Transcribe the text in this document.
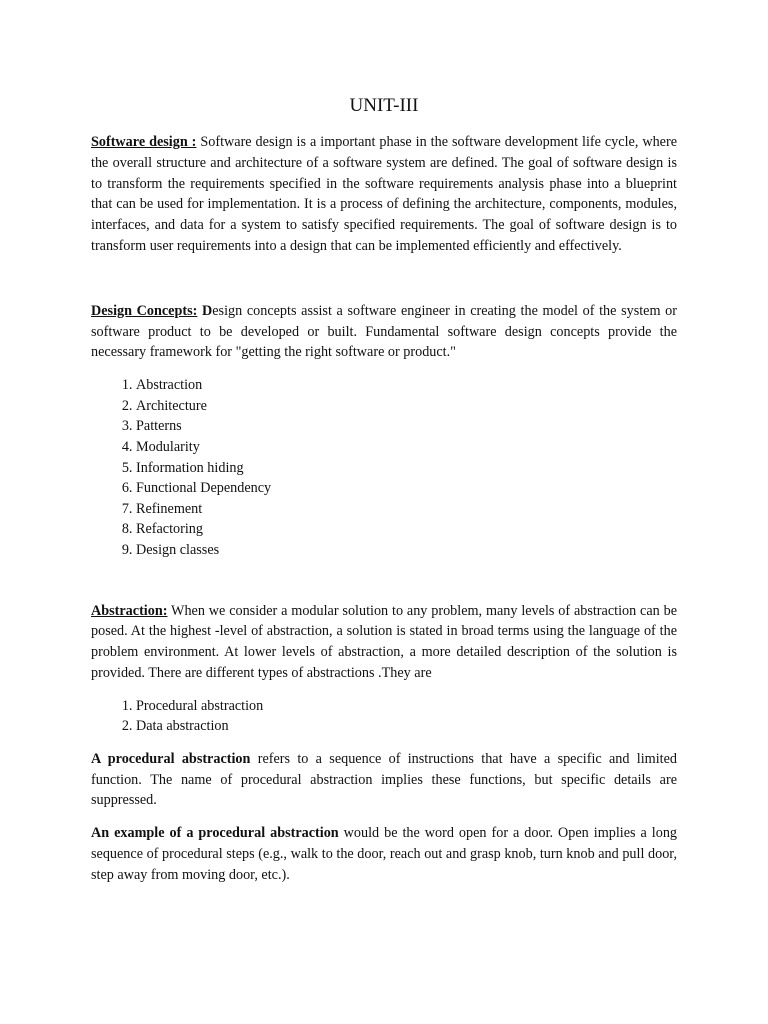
UNIT-III

Software design : Software design is a important phase in the software development life cycle, where the overall structure and architecture of a software system are defined. The goal of software design is to transform the requirements specified in the software requirements analysis phase into a blueprint that can be used for implementation. It is a process of defining the architecture, components, modules, interfaces, and data for a system to satisfy specified requirements. The goal of software design is to transform user requirements into a design that can be implemented efficiently and effectively.

Design Concepts: Design concepts assist a software engineer in creating the model of the system or software product to be developed or built. Fundamental software design concepts provide the necessary framework for "getting the right software or product."

1. Abstraction
2. Architecture
3. Patterns
4. Modularity
5. Information hiding
6. Functional Dependency
7. Refinement
8. Refactoring
9. Design classes

Abstraction: When we consider a modular solution to any problem, many levels of abstraction can be posed. At the highest -level of abstraction, a solution is stated in broad terms using the language of the problem environment. At lower levels of abstraction, a more detailed description of the solution is provided. There are different types of abstractions .They are

1. Procedural abstraction
2. Data abstraction

A procedural abstraction refers to a sequence of instructions that have a specific and limited function. The name of procedural abstraction implies these functions, but specific details are suppressed.

An example of a procedural abstraction would be the word open for a door. Open implies a long sequence of procedural steps (e.g., walk to the door, reach out and grasp knob, turn knob and pull door, step away from moving door, etc.).
